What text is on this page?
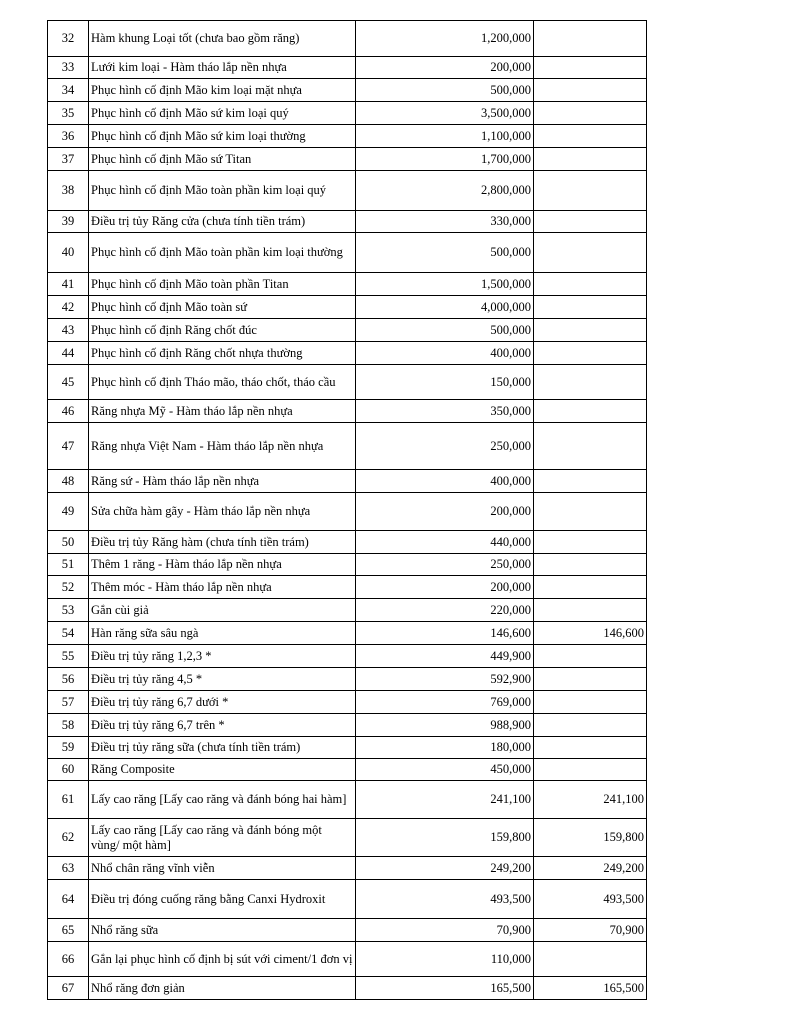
32	Hàm khung Loại tốt (chưa bao gồm răng)	1,200,000	
33	Lưới kim loại - Hàm tháo lắp nền nhựa	200,000	
34	Phục hình cố định Mão kim loại mặt nhựa	500,000	
35	Phục hình cố định Mão sứ kim loại quý	3,500,000	
36	Phục hình cố định Mão sứ kim loại thường	1,100,000	
37	Phục hình cố định Mão sứ Titan	1,700,000	
38	Phục hình cố định Mão toàn phần kim loại quý	2,800,000	
39	Điều trị tủy Răng cửa (chưa tính tiền trám)	330,000	
40	Phục hình cố định Mão toàn phần kim loại thường	500,000	
41	Phục hình cố định Mão toàn phần Titan	1,500,000	
42	Phục hình cố định Mão toàn sứ	4,000,000	
43	Phục hình cố định Răng chốt đúc	500,000	
44	Phục hình cố định Răng chốt nhựa thường	400,000	
45	Phục hình cố định Tháo mão, tháo chốt, tháo cầu	150,000	
46	Răng nhựa Mỹ - Hàm tháo lắp nền nhựa	350,000	
47	Răng nhựa Việt Nam - Hàm tháo lắp nền nhựa	250,000	
48	Răng sứ - Hàm tháo lắp nền nhựa	400,000	
49	Sửa chữa hàm gãy - Hàm tháo lắp nền nhựa	200,000	
50	Điều trị tủy Răng hàm (chưa tính tiền trám)	440,000	
51	Thêm 1 răng - Hàm tháo lắp nền nhựa	250,000	
52	Thêm móc - Hàm tháo lắp nền nhựa	200,000	
53	Gắn cùi giả	220,000	
54	Hàn răng sữa sâu ngà	146,600	146,600
55	Điều trị tủy răng 1,2,3 *	449,900	
56	Điều trị tủy răng 4,5 *	592,900	
57	Điều trị tủy răng 6,7 dưới *	769,000	
58	Điều trị tủy răng 6,7 trên *	988,900	
59	Điều trị tủy răng sữa (chưa tính tiền trám)	180,000	
60	Răng Composite	450,000	
61	Lấy cao răng [Lấy cao răng và đánh bóng hai hàm]	241,100	241,100
62	Lấy cao răng [Lấy cao răng và đánh bóng một vùng/ một hàm]	159,800	159,800
63	Nhổ chân răng vĩnh viễn	249,200	249,200
64	Điều trị đóng cuống răng bằng Canxi Hydroxit	493,500	493,500
65	Nhổ răng sữa	70,900	70,900
66	Gắn lại phục hình cố định bị sút với ciment/1 đơn vị	110,000	
67	Nhổ răng đơn giản	165,500	165,500
